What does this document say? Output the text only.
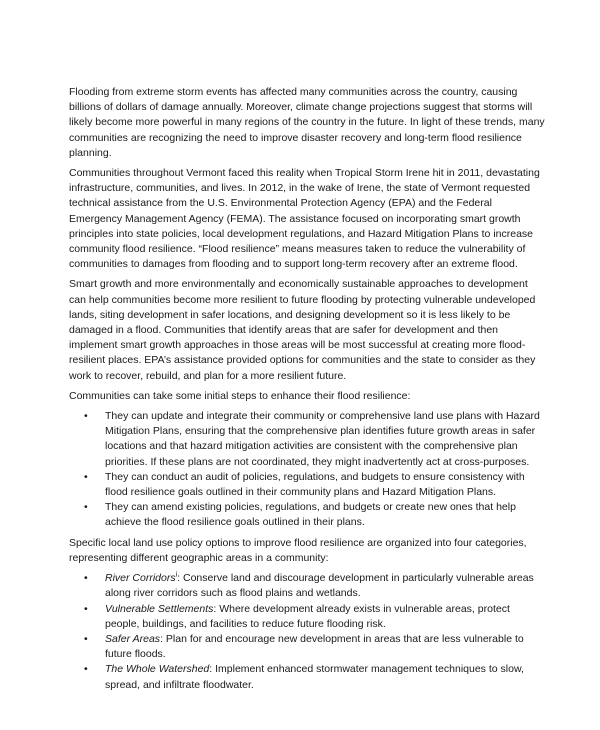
Flooding from extreme storm events has affected many communities across the country, causing billions of dollars of damage annually. Moreover, climate change projections suggest that storms will likely become more powerful in many regions of the country in the future. In light of these trends, many communities are recognizing the need to improve disaster recovery and long-term flood resilience planning.

Communities throughout Vermont faced this reality when Tropical Storm Irene hit in 2011, devastating infrastructure, communities, and lives. In 2012, in the wake of Irene, the state of Vermont requested technical assistance from the U.S. Environmental Protection Agency (EPA) and the Federal Emergency Management Agency (FEMA). The assistance focused on incorporating smart growth principles into state policies, local development regulations, and Hazard Mitigation Plans to increase community flood resilience. “Flood resilience” means measures taken to reduce the vulnerability of communities to damages from flooding and to support long-term recovery after an extreme flood.

Smart growth and more environmentally and economically sustainable approaches to development can help communities become more resilient to future flooding by protecting vulnerable undeveloped lands, siting development in safer locations, and designing development so it is less likely to be damaged in a flood. Communities that identify areas that are safer for development and then implement smart growth approaches in those areas will be most successful at creating more flood-resilient places. EPA’s assistance provided options for communities and the state to consider as they work to recover, rebuild, and plan for a more resilient future.

Communities can take some initial steps to enhance their flood resilience:

• They can update and integrate their community or comprehensive land use plans with Hazard Mitigation Plans, ensuring that the comprehensive plan identifies future growth areas in safer locations and that hazard mitigation activities are consistent with the comprehensive plan priorities. If these plans are not coordinated, they might inadvertently act at cross-purposes.
• They can conduct an audit of policies, regulations, and budgets to ensure consistency with flood resilience goals outlined in their community plans and Hazard Mitigation Plans.
• They can amend existing policies, regulations, and budgets or create new ones that help achieve the flood resilience goals outlined in their plans.

Specific local land use policy options to improve flood resilience are organized into four categories, representing different geographic areas in a community:

• River Corridors$^i$: Conserve land and discourage development in particularly vulnerable areas along river corridors such as flood plains and wetlands.
• Vulnerable Settlements: Where development already exists in vulnerable areas, protect people, buildings, and facilities to reduce future flooding risk.
• Safer Areas: Plan for and encourage new development in areas that are less vulnerable to future floods.
• The Whole Watershed: Implement enhanced stormwater management techniques to slow, spread, and infiltrate floodwater.
